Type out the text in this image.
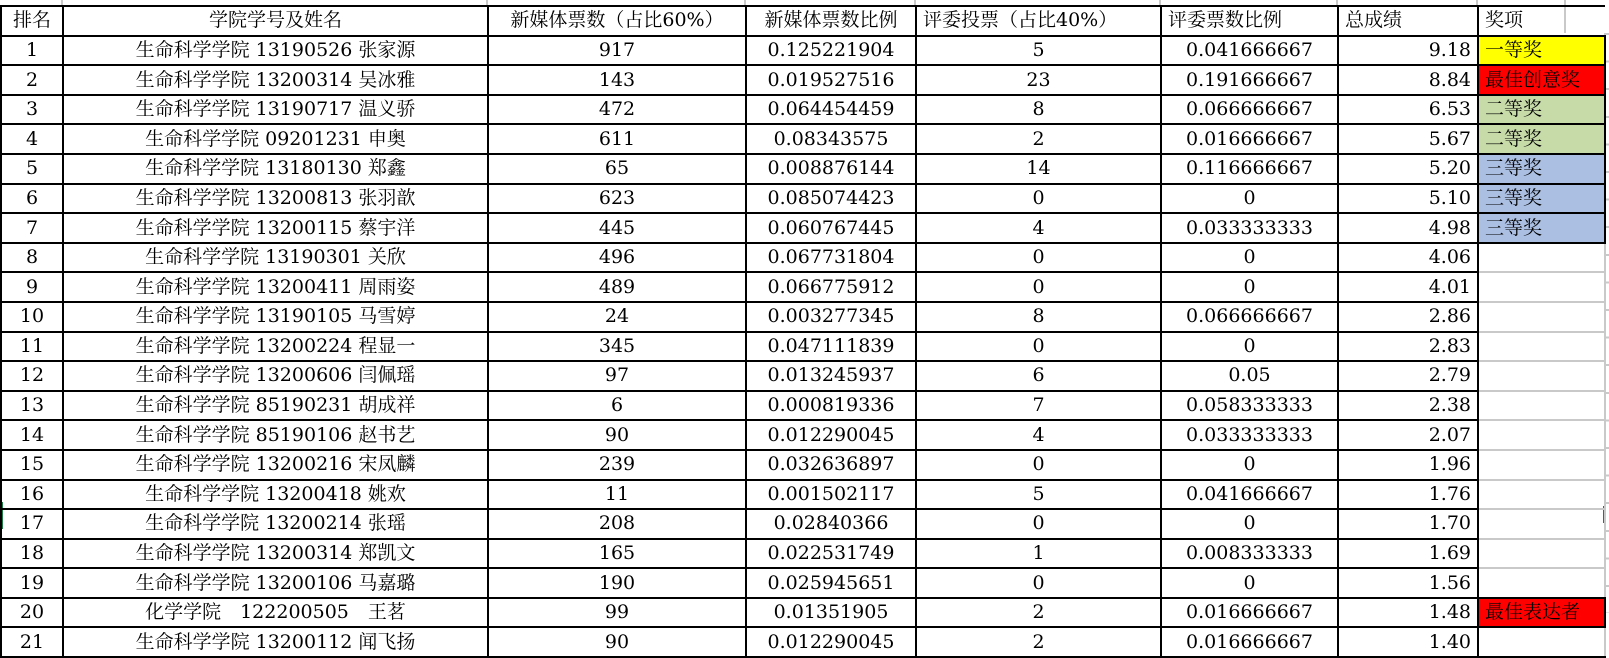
排名	学院学号及姓名	新媒体票数（占比60%）	新媒体票数比例	评委投票（占比40%）	评委票数比例	总成绩	奖项
1	生命科学学院 13190526 张家源	917	0.125221904	5	0.041666667	9.18	一等奖
2	生命科学学院 13200314 吴冰雅	143	0.019527516	23	0.191666667	8.84	最佳创意奖
3	生命科学学院 13190717 温义骄	472	0.064454459	8	0.066666667	6.53	二等奖
4	生命科学学院 09201231 申奥	611	0.08343575	2	0.016666667	5.67	二等奖
5	生命科学学院 13180130 郑鑫	65	0.008876144	14	0.116666667	5.20	三等奖
6	生命科学学院 13200813 张羽歆	623	0.085074423	0	0	5.10	三等奖
7	生命科学学院 13200115 蔡宇洋	445	0.060767445	4	0.033333333	4.98	三等奖
8	生命科学学院 13190301 关欣	496	0.067731804	0	0	4.06	
9	生命科学学院 13200411 周雨姿	489	0.066775912	0	0	4.01	
10	生命科学学院 13190105 马雪婷	24	0.003277345	8	0.066666667	2.86	
11	生命科学学院 13200224 程显一	345	0.047111839	0	0	2.83	
12	生命科学学院 13200606 闫佩瑶	97	0.013245937	6	0.05	2.79	
13	生命科学学院 85190231 胡成祥	6	0.000819336	7	0.058333333	2.38	
14	生命科学学院 85190106 赵书艺	90	0.012290045	4	0.033333333	2.07	
15	生命科学学院 13200216 宋凤麟	239	0.032636897	0	0	1.96	
16	生命科学学院 13200418 姚欢	11	0.001502117	5	0.041666667	1.76	
17	生命科学学院 13200214 张瑶	208	0.02840366	0	0	1.70	
18	生命科学学院 13200314 郑凯文	165	0.022531749	1	0.008333333	1.69	
19	生命科学学院 13200106 马嘉璐	190	0.025945651	0	0	1.56	
20	化学学院　122200505　王茗	99	0.01351905	2	0.016666667	1.48	最佳表达者
21	生命科学学院 13200112 闻飞扬	90	0.012290045	2	0.016666667	1.40	
